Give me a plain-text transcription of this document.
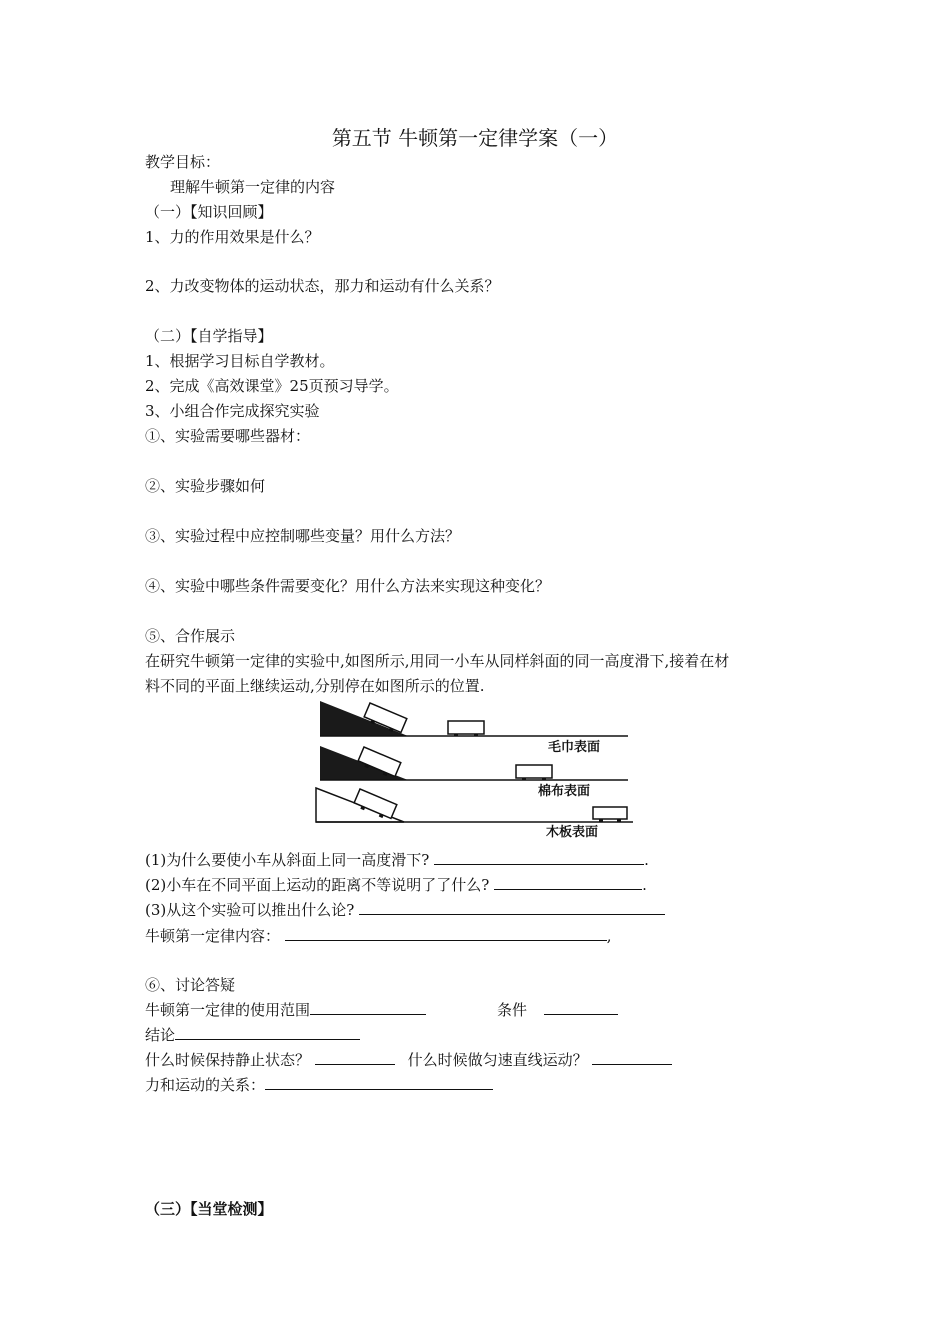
第五节 牛顿第一定律学案（一）
教学目标：
理解牛顿第一定律的内容
（一）【知识回顾】
1、力的作用效果是什么？
2、力改变物体的运动状态，那力和运动有什么关系？
（二）【自学指导】
1、根据学习目标自学教材。
2、完成《高效课堂》25页预习导学。
3、小组合作完成探究实验
①、实验需要哪些器材：
②、实验步骤如何
③、实验过程中应控制哪些变量？用什么方法？
④、实验中哪些条件需要变化？用什么方法来实现这种变化？
⑤、合作展示
在研究牛顿第一定律的实验中,如图所示,用同一小车从同样斜面的同一高度滑下,接着在材
料不同的平面上继续运动,分别停在如图所示的位置.
毛巾表面
棉布表面
木板表面
(1)为什么要使小车从斜面上同一高度滑下?	.
(2)小车在不同平面上运动的距离不等说明了了什么?	.
(3)从这个实验可以推出什么论?
牛顿第一定律内容：	,
⑥、讨论答疑
牛顿第一定律的使用范围	条件
结论
什么时候保持静止状态？	什么时候做匀速直线运动？
力和运动的关系：
（三）【当堂检测】
